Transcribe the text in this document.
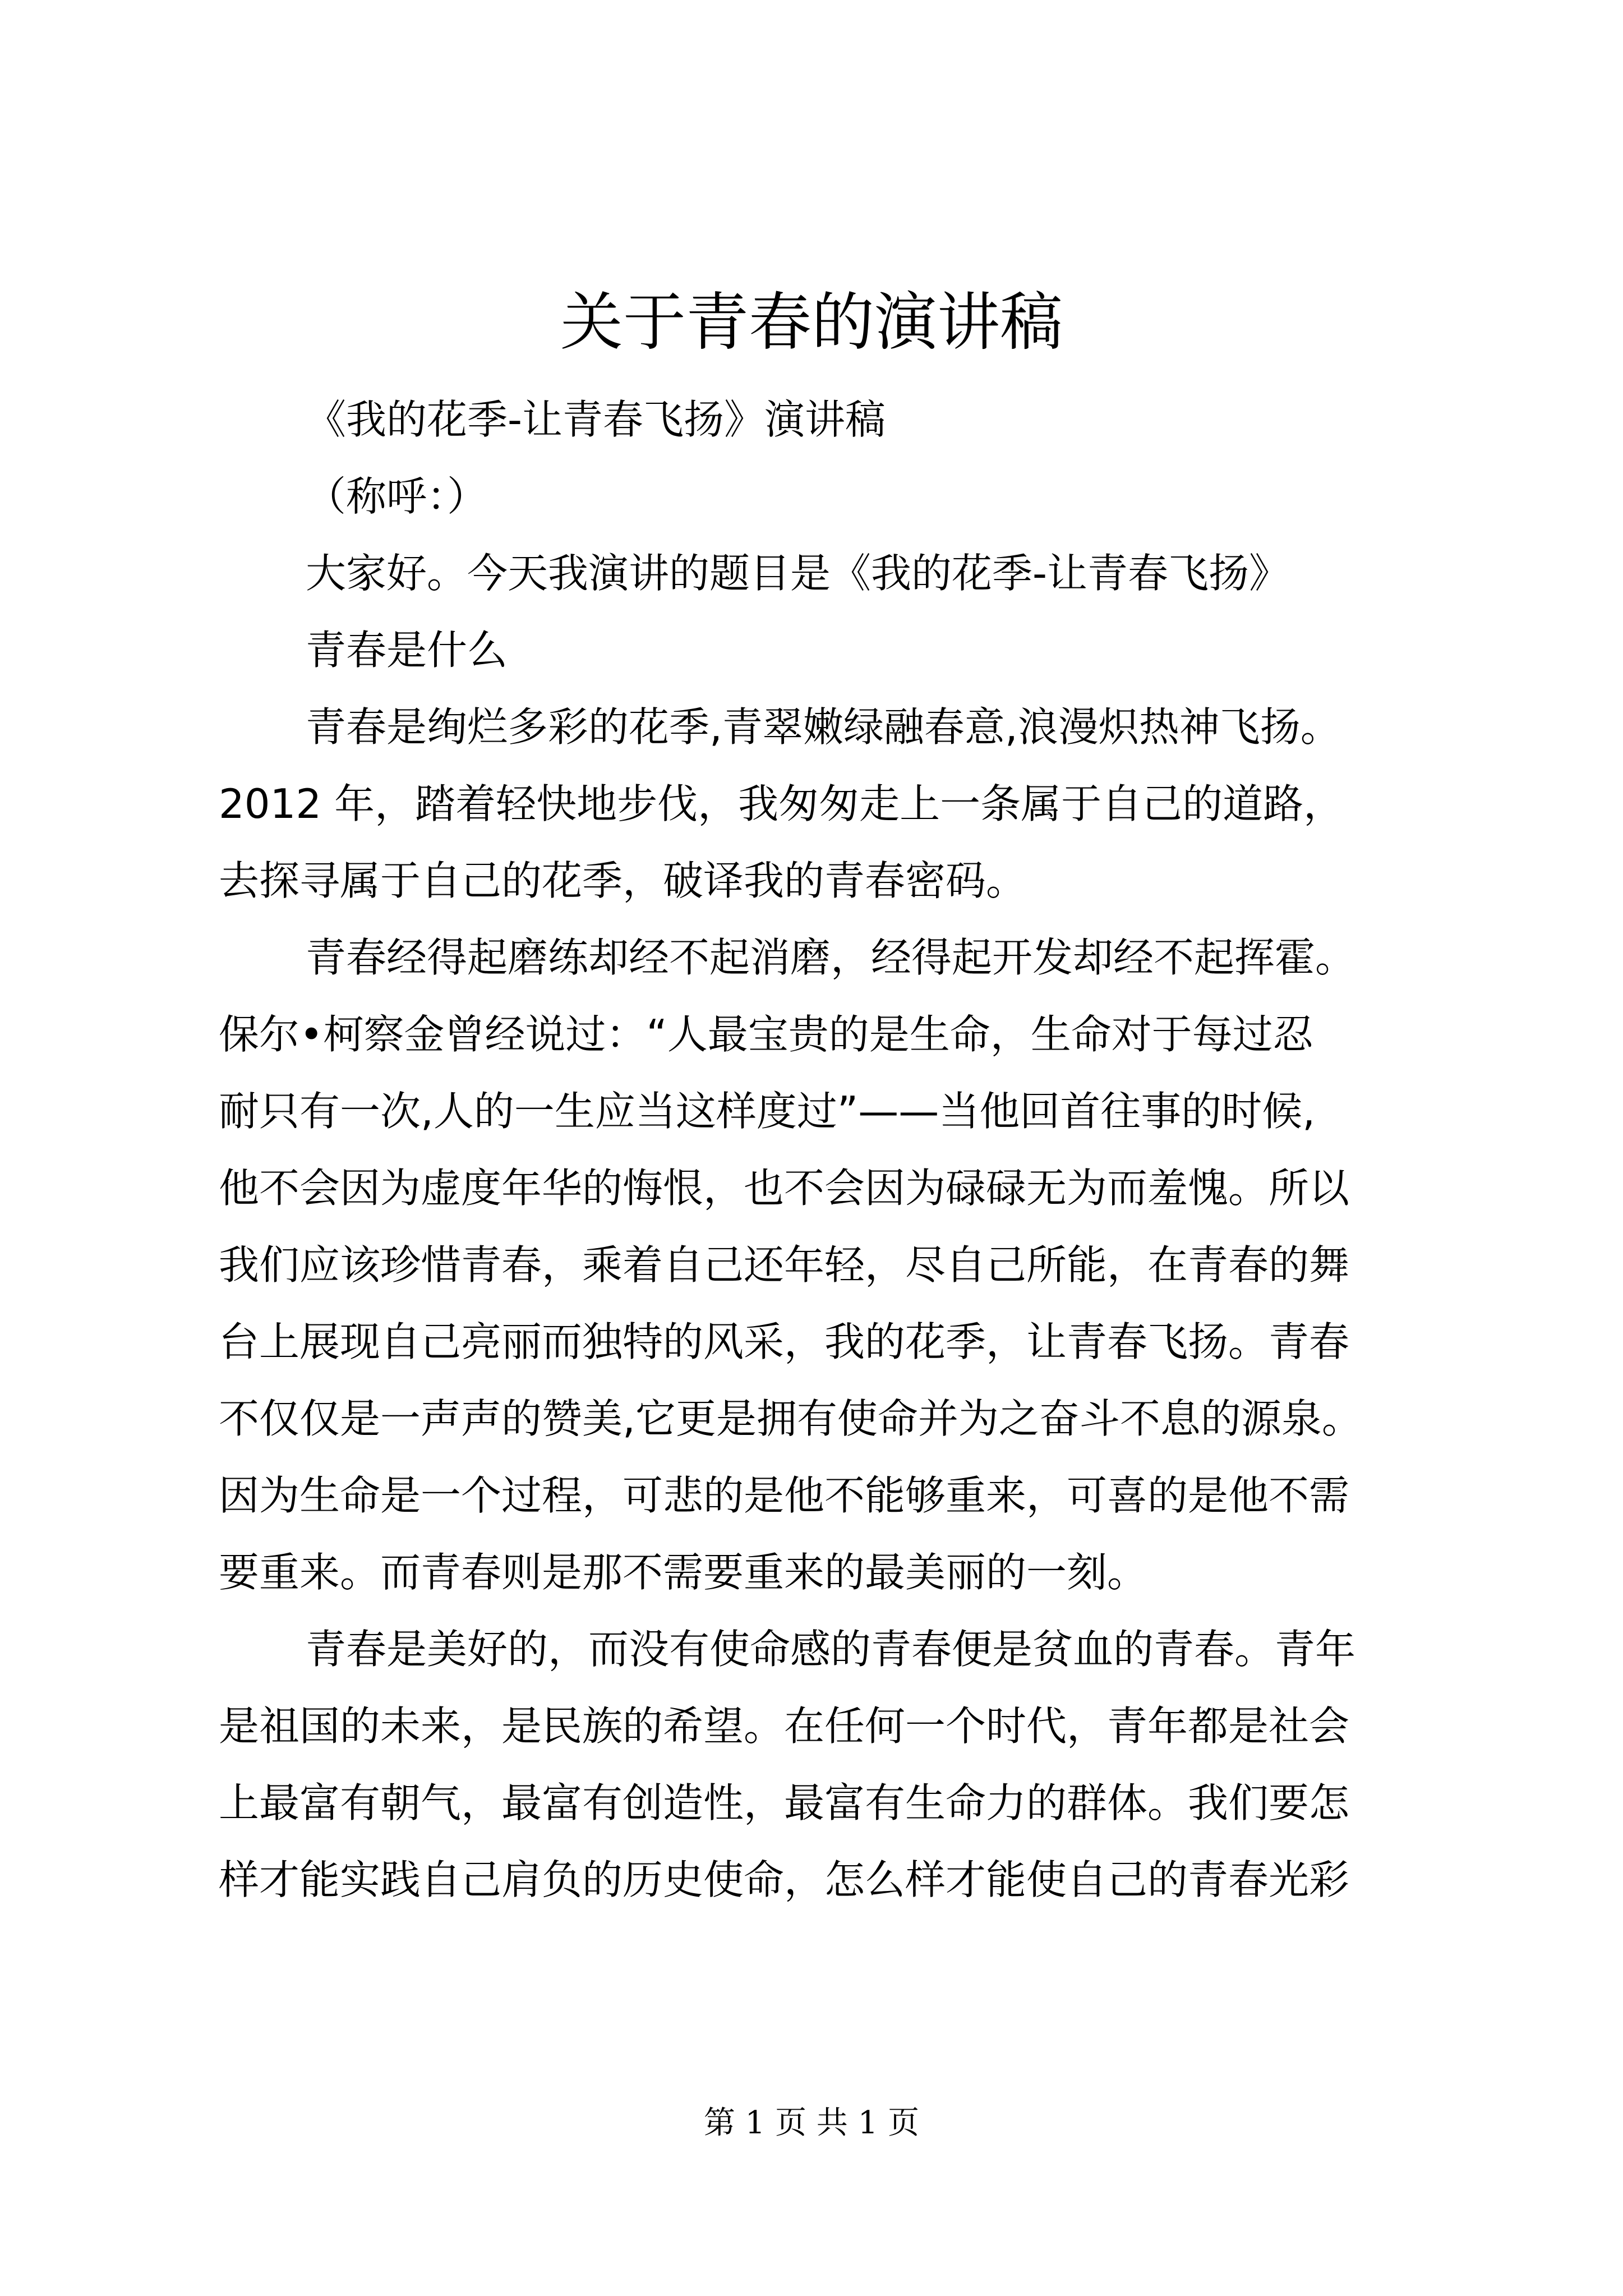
关于青春的演讲稿
《我的花季-让青春飞扬》演讲稿
（称呼：）
大家好。今天我演讲的题目是《我的花季-让青春飞扬》
青春是什么
青春是绚烂多彩的花季,青翠嫩绿融春意,浪漫炽热神飞扬。
2012 年，踏着轻快地步伐，我匆匆走上一条属于自己的道路，
去探寻属于自己的花季，破译我的青春密码。
青春经得起磨练却经不起消磨，经得起开发却经不起挥霍。
保尔•柯察金曾经说过：“人最宝贵的是生命，生命对于每过忍
耐只有一次,人的一生应当这样度过”——当他回首往事的时候,
他不会因为虚度年华的悔恨，也不会因为碌碌无为而羞愧。所以
我们应该珍惜青春，乘着自己还年轻，尽自己所能，在青春的舞
台上展现自己亮丽而独特的风采，我的花季，让青春飞扬。青春
不仅仅是一声声的赞美,它更是拥有使命并为之奋斗不息的源泉。
因为生命是一个过程，可悲的是他不能够重来，可喜的是他不需
要重来。而青春则是那不需要重来的最美丽的一刻。
青春是美好的，而没有使命感的青春便是贫血的青春。青年
是祖国的未来，是民族的希望。在任何一个时代，青年都是社会
上最富有朝气，最富有创造性，最富有生命力的群体。我们要怎
样才能实践自己肩负的历史使命，怎么样才能使自己的青春光彩
第 1 页 共 1 页
